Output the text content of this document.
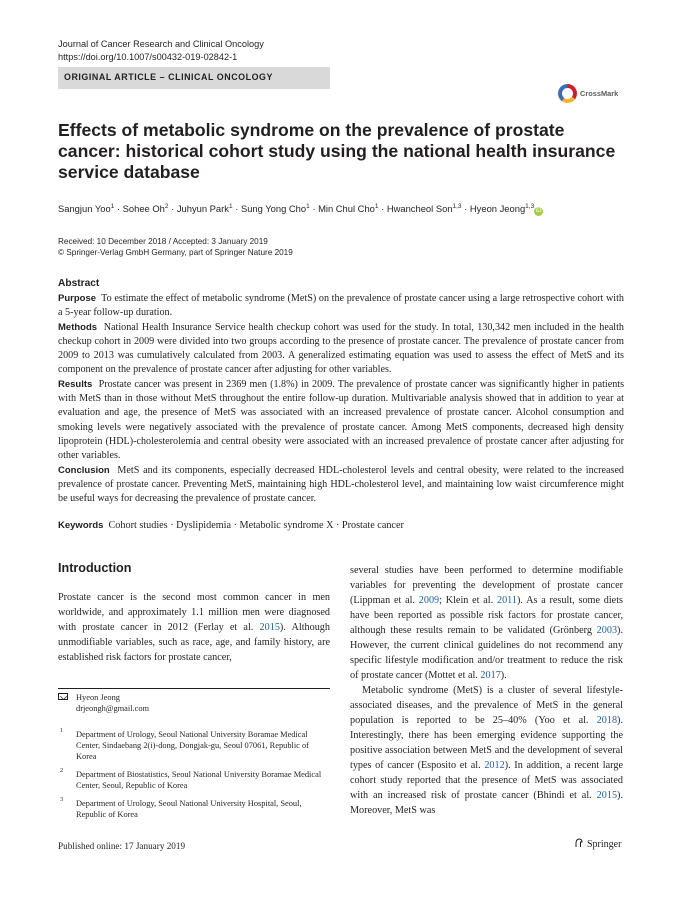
Journal of Cancer Research and Clinical Oncology
https://doi.org/10.1007/s00432-019-02842-1
ORIGINAL ARTICLE – CLINICAL ONCOLOGY
CrossMark
Effects of metabolic syndrome on the prevalence of prostate cancer: historical cohort study using the national health insurance service database
Sangjun Yoo$^1$ · Sohee $Oh^2$ · Juhyun Park$^1$ · Sung Yong Cho$^1$ · Min Chul Cho$^1$ · Hwancheol Son$^{1,3}$ · Hyeon Jeong$^{1,3}$iD
Received: 10 December 2018 / Accepted: 3 January 2019
© Springer-Verlag GmbH Germany, part of Springer Nature 2019
Abstract

Purpose To estimate the effect of metabolic syndrome (MetS) on the prevalence of prostate cancer using a large retrospective cohort with a 5-year follow-up duration.

Methods National Health Insurance Service health checkup cohort was used for the study. In total, 130,342 men included in the health checkup cohort in 2009 were divided into two groups according to the presence of prostate cancer. The prevalence of prostate cancer from 2009 to 2013 was cumulatively calculated from 2003. A generalized estimating equation was used to assess the effect of MetS and its component on the prevalence of prostate cancer after adjusting for other variables.

Results Prostate cancer was present in 2369 men (1.8%) in 2009. The prevalence of prostate cancer was significantly higher in patients with MetS than in those without MetS throughout the entire follow-up duration. Multivariable analysis showed that in addition to year at evaluation and age, the presence of MetS was associated with an increased prevalence of prostate cancer. Alcohol consumption and smoking levels were negatively associated with the prevalence of prostate cancer. Among MetS components, decreased high density lipoprotein (HDL)-cholesterolemia and central obesity were associated with an increased prevalence of prostate cancer after adjusting for other variables.

Conclusion MetS and its components, especially decreased HDL-cholesterol levels and central obesity, were related to the increased prevalence of prostate cancer. Preventing MetS, maintaining high HDL-cholesterol level, and maintaining low waist circumference might be useful ways for decreasing the prevalence of prostate cancer.

Keywords Cohort studies · Dyslipidemia · Metabolic syndrome X · Prostate cancer
Introduction

Prostate cancer is the second most common cancer in men worldwide, and approximately 1.1 million men were diagnosed with prostate cancer in 2012 (Ferlay et al. 2015). Although unmodifiable variables, such as race, age, and family history, are established risk factors for prostate cancer,

several studies have been performed to determine modifiable variables for preventing the development of prostate cancer (Lippman et al. 2009; Klein et al. 2011). As a result, some diets have been reported as possible risk factors for prostate cancer, although these results remain to be validated (Grönberg 2003). However, the current clinical guidelines do not recommend any specific lifestyle modification and/or treatment to reduce the risk of prostate cancer (Mottet et al. 2017).

Metabolic syndrome (MetS) is a cluster of several lifestyle-associated diseases, and the prevalence of MetS in the general population is reported to be 25–40% (Yoo et al. 2018). Interestingly, there has been emerging evidence supporting the positive association between MetS and the development of several types of cancer (Esposito et al. 2012). In addition, a recent large cohort study reported that the presence of MetS was associated with an increased risk of prostate cancer (Bhindi et al. 2015). Moreover, MetS was

Hyeon Jeong
drjeongh@gmail.com
1 Department of Urology, Seoul National University Boramae Medical Center, Sindaebang 2(i)-dong, Dongjak-gu, Seoul 07061, Republic of Korea
2 Department of Biostatistics, Seoul National University Boramae Medical Center, Seoul, Republic of Korea
3 Department of Urology, Seoul National University Hospital, Seoul, Republic of Korea
Published online: 17 January 2019	Springer
